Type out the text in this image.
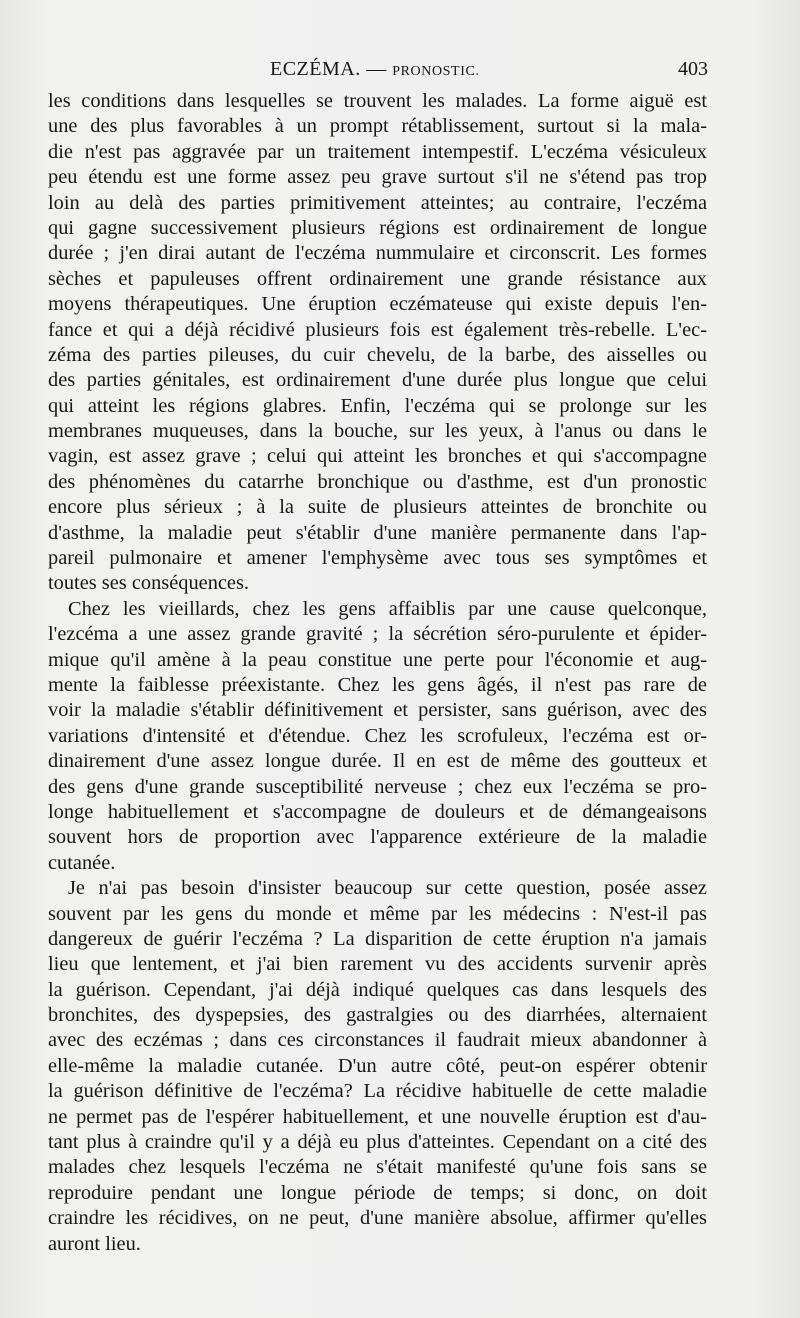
ECZÉMA. — PRONOSTIC.	403
les conditions dans lesquelles se trouvent les malades. La forme aiguë est
une des plus favorables à un prompt rétablissement, surtout si la mala-
die n'est pas aggravée par un traitement intempestif. L'eczéma vésiculeux
peu étendu est une forme assez peu grave surtout s'il ne s'étend pas trop
loin au delà des parties primitivement atteintes; au contraire, l'eczéma
qui gagne successivement plusieurs régions est ordinairement de longue
durée ; j'en dirai autant de l'eczéma nummulaire et circonscrit. Les formes
sèches et papuleuses offrent ordinairement une grande résistance aux
moyens thérapeutiques. Une éruption eczémateuse qui existe depuis l'en-
fance et qui a déjà récidivé plusieurs fois est également très-rebelle. L'ec-
zéma des parties pileuses, du cuir chevelu, de la barbe, des aisselles ou
des parties génitales, est ordinairement d'une durée plus longue que celui
qui atteint les régions glabres. Enfin, l'eczéma qui se prolonge sur les
membranes muqueuses, dans la bouche, sur les yeux, à l'anus ou dans le
vagin, est assez grave ; celui qui atteint les bronches et qui s'accompagne
des phénomènes du catarrhe bronchique ou d'asthme, est d'un pronostic
encore plus sérieux ; à la suite de plusieurs atteintes de bronchite ou
d'asthme, la maladie peut s'établir d'une manière permanente dans l'ap-
pareil pulmonaire et amener l'emphysème avec tous ses symptômes et
toutes ses conséquences.
Chez les vieillards, chez les gens affaiblis par une cause quelconque,
l'ezcéma a une assez grande gravité ; la sécrétion séro-purulente et épider-
mique qu'il amène à la peau constitue une perte pour l'économie et aug-
mente la faiblesse préexistante. Chez les gens âgés, il n'est pas rare de
voir la maladie s'établir définitivement et persister, sans guérison, avec des
variations d'intensité et d'étendue. Chez les scrofuleux, l'eczéma est or-
dinairement d'une assez longue durée. Il en est de même des goutteux et
des gens d'une grande susceptibilité nerveuse ; chez eux l'eczéma se pro-
longe habituellement et s'accompagne de douleurs et de démangeaisons
souvent hors de proportion avec l'apparence extérieure de la maladie
cutanée.
Je n'ai pas besoin d'insister beaucoup sur cette question, posée assez
souvent par les gens du monde et même par les médecins : N'est-il pas
dangereux de guérir l'eczéma ? La disparition de cette éruption n'a jamais
lieu que lentement, et j'ai bien rarement vu des accidents survenir après
la guérison. Cependant, j'ai déjà indiqué quelques cas dans lesquels des
bronchites, des dyspepsies, des gastralgies ou des diarrhées, alternaient
avec des eczémas ; dans ces circonstances il faudrait mieux abandonner à
elle-même la maladie cutanée. D'un autre côté, peut-on espérer obtenir
la guérison définitive de l'eczéma? La récidive habituelle de cette maladie
ne permet pas de l'espérer habituellement, et une nouvelle éruption est d'au-
tant plus à craindre qu'il y a déjà eu plus d'atteintes. Cependant on a cité des
malades chez lesquels l'eczéma ne s'était manifesté qu'une fois sans se
reproduire pendant une longue période de temps; si donc, on doit
craindre les récidives, on ne peut, d'une manière absolue, affirmer qu'elles
auront lieu.
